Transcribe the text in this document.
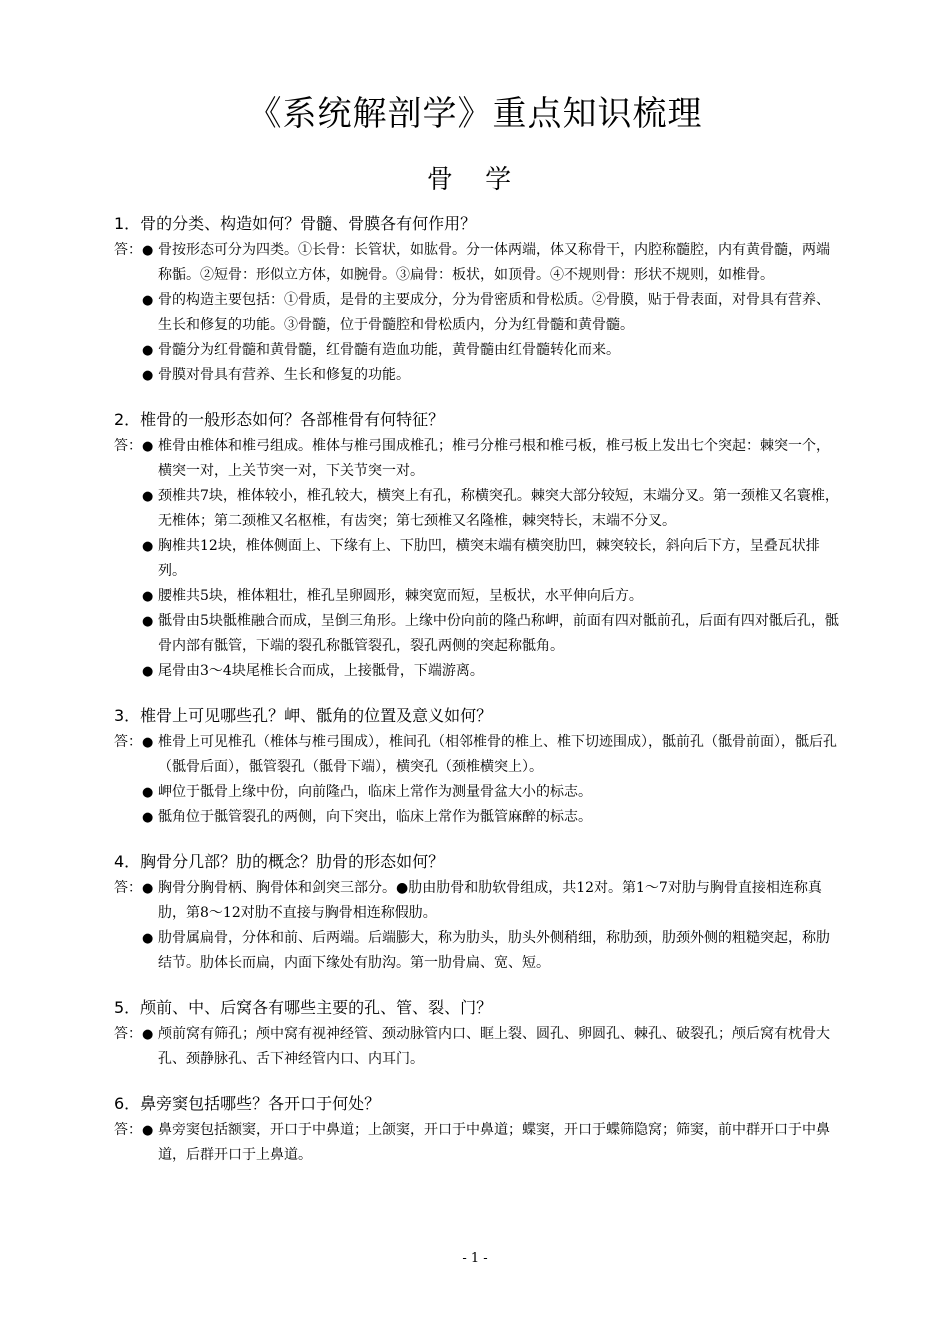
《系统解剖学》重点知识梳理
骨 学
1．骨的分类、构造如何？骨髓、骨膜各有何作用？
答： ● 骨按形态可分为四类。①长骨：长管状，如肱骨。分一体两端，体又称骨干，内腔称髓腔，内有黄骨髓，两端称骺。②短骨：形似立方体，如腕骨。③扁骨：板状，如顶骨。④不规则骨：形状不规则，如椎骨。
● 骨的构造主要包括：①骨质，是骨的主要成分，分为骨密质和骨松质。②骨膜，贴于骨表面，对骨具有营养、生长和修复的功能。③骨髓，位于骨髓腔和骨松质内，分为红骨髓和黄骨髓。
● 骨髓分为红骨髓和黄骨髓，红骨髓有造血功能，黄骨髓由红骨髓转化而来。
● 骨膜对骨具有营养、生长和修复的功能。
2．椎骨的一般形态如何？各部椎骨有何特征？
答： ● 椎骨由椎体和椎弓组成。椎体与椎弓围成椎孔；椎弓分椎弓根和椎弓板，椎弓板上发出七个突起：棘突一个，横突一对，上关节突一对，下关节突一对。
● 颈椎共7块，椎体较小，椎孔较大，横突上有孔，称横突孔。棘突大部分较短，末端分叉。第一颈椎又名寰椎，无椎体；第二颈椎又名枢椎，有齿突；第七颈椎又名隆椎，棘突特长，末端不分叉。
● 胸椎共12块，椎体侧面上、下缘有上、下肋凹，横突末端有横突肋凹，棘突较长，斜向后下方，呈叠瓦状排列。
● 腰椎共5块，椎体粗壮，椎孔呈卵圆形，棘突宽而短，呈板状，水平伸向后方。
● 骶骨由5块骶椎融合而成，呈倒三角形。上缘中份向前的隆凸称岬，前面有四对骶前孔，后面有四对骶后孔，骶骨内部有骶管，下端的裂孔称骶管裂孔，裂孔两侧的突起称骶角。
● 尾骨由3～4块尾椎长合而成，上接骶骨，下端游离。
3．椎骨上可见哪些孔？岬、骶角的位置及意义如何？
答： ● 椎骨上可见椎孔（椎体与椎弓围成），椎间孔（相邻椎骨的椎上、椎下切迹围成），骶前孔（骶骨前面），骶后孔（骶骨后面），骶管裂孔（骶骨下端），横突孔（颈椎横突上）。
● 岬位于骶骨上缘中份，向前隆凸，临床上常作为测量骨盆大小的标志。
● 骶角位于骶管裂孔的两侧，向下突出，临床上常作为骶管麻醉的标志。
4．胸骨分几部？肋的概念？肋骨的形态如何？
答： ● 胸骨分胸骨柄、胸骨体和剑突三部分。●肋由肋骨和肋软骨组成，共12对。第1～7对肋与胸骨直接相连称真肋，第8～12对肋不直接与胸骨相连称假肋。
● 肋骨属扁骨，分体和前、后两端。后端膨大，称为肋头，肋头外侧稍细，称肋颈，肋颈外侧的粗糙突起，称肋结节。肋体长而扁，内面下缘处有肋沟。第一肋骨扁、宽、短。
5．颅前、中、后窝各有哪些主要的孔、管、裂、门？
答： ● 颅前窝有筛孔；颅中窝有视神经管、颈动脉管内口、眶上裂、圆孔、卵圆孔、棘孔、破裂孔；颅后窝有枕骨大孔、颈静脉孔、舌下神经管内口、内耳门。
6．鼻旁窦包括哪些？各开口于何处？
答： ● 鼻旁窦包括额窦，开口于中鼻道；上颌窦，开口于中鼻道；蝶窦，开口于蝶筛隐窝；筛窦，前中群开口于中鼻道，后群开口于上鼻道。
- 1 -
